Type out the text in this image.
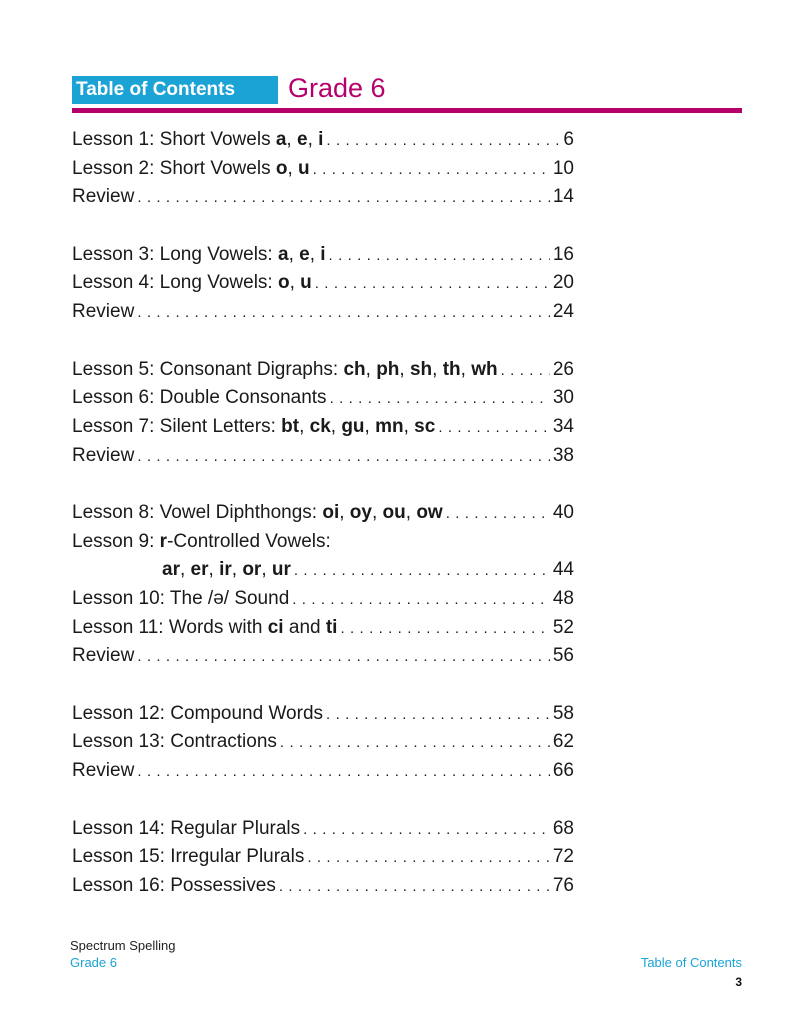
Table of Contents	Grade 6
Lesson 1: Short Vowels a, e, i . . .	6
Lesson 2: Short Vowels o, u . . .	10
Review . . .	14
Lesson 3: Long Vowels: a, e, i . . .	16
Lesson 4: Long Vowels: o, u . . .	20
Review . . .	24
Lesson 5: Consonant Digraphs: ch, ph, sh, th, wh . . .	26
Lesson 6: Double Consonants . . .	30
Lesson 7: Silent Letters: bt, ck, gu, mn, sc . . .	34
Review . . .	38
Lesson 8: Vowel Diphthongs: oi, oy, ou, ow . . .	40
Lesson 9: r-Controlled Vowels:
ar, er, ir, or, ur . . .	44
Lesson 10: The /ə/ Sound . . .	48
Lesson 11: Words with ci and ti . . .	52
Review . . .	56
Lesson 12: Compound Words . . .	58
Lesson 13: Contractions . . .	62
Review . . .	66
Lesson 14: Regular Plurals . . .	68
Lesson 15: Irregular Plurals . . .	72
Lesson 16: Possessives . . .	76
Spectrum Spelling
Grade 6	Table of Contents
3
